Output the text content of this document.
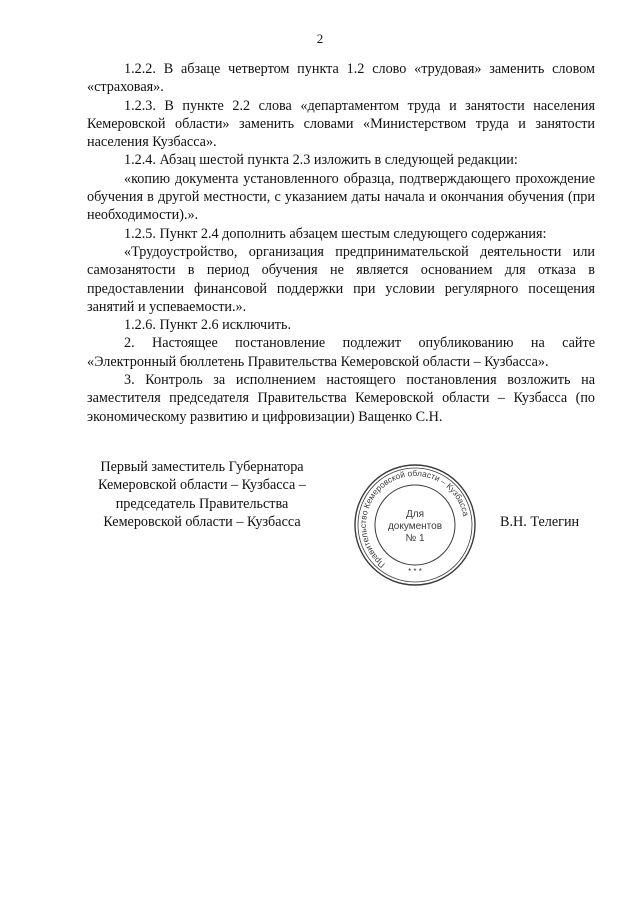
2

1.2.2. В абзаце четвертом пункта 1.2 слово «трудовая» заменить словом «страховая».

1.2.3. В пункте 2.2 слова «департаментом труда и занятости населения Кемеровской области» заменить словами «Министерством труда и занятости населения Кузбасса».

1.2.4. Абзац шестой пункта 2.3 изложить в следующей редакции:

«копию документа установленного образца, подтверждающего прохождение обучения в другой местности, с указанием даты начала и окончания обучения (при необходимости).».

1.2.5. Пункт 2.4 дополнить абзацем шестым следующего содержания:

«Трудоустройство, организация предпринимательской деятельности или самозанятости в период обучения не является основанием для отказа в предоставлении финансовой поддержки при условии регулярного посещения занятий и успеваемости.».

1.2.6. Пункт 2.6 исключить.

2. Настоящее постановление подлежит опубликованию на сайте «Электронный бюллетень Правительства Кемеровской области – Кузбасса».

3. Контроль за исполнением настоящего постановления возложить на заместителя председателя Правительства Кемеровской области – Кузбасса (по экономическому развитию и цифровизации) Ващенко С.Н.

Первый заместитель Губернатора
Кемеровской области – Кузбасса –
председатель Правительства
Кемеровской области – Кузбасса
Правительство Кемеровской области – Кузбасса
* * *
Для
документов
№ 1
В.Н. Телегин
